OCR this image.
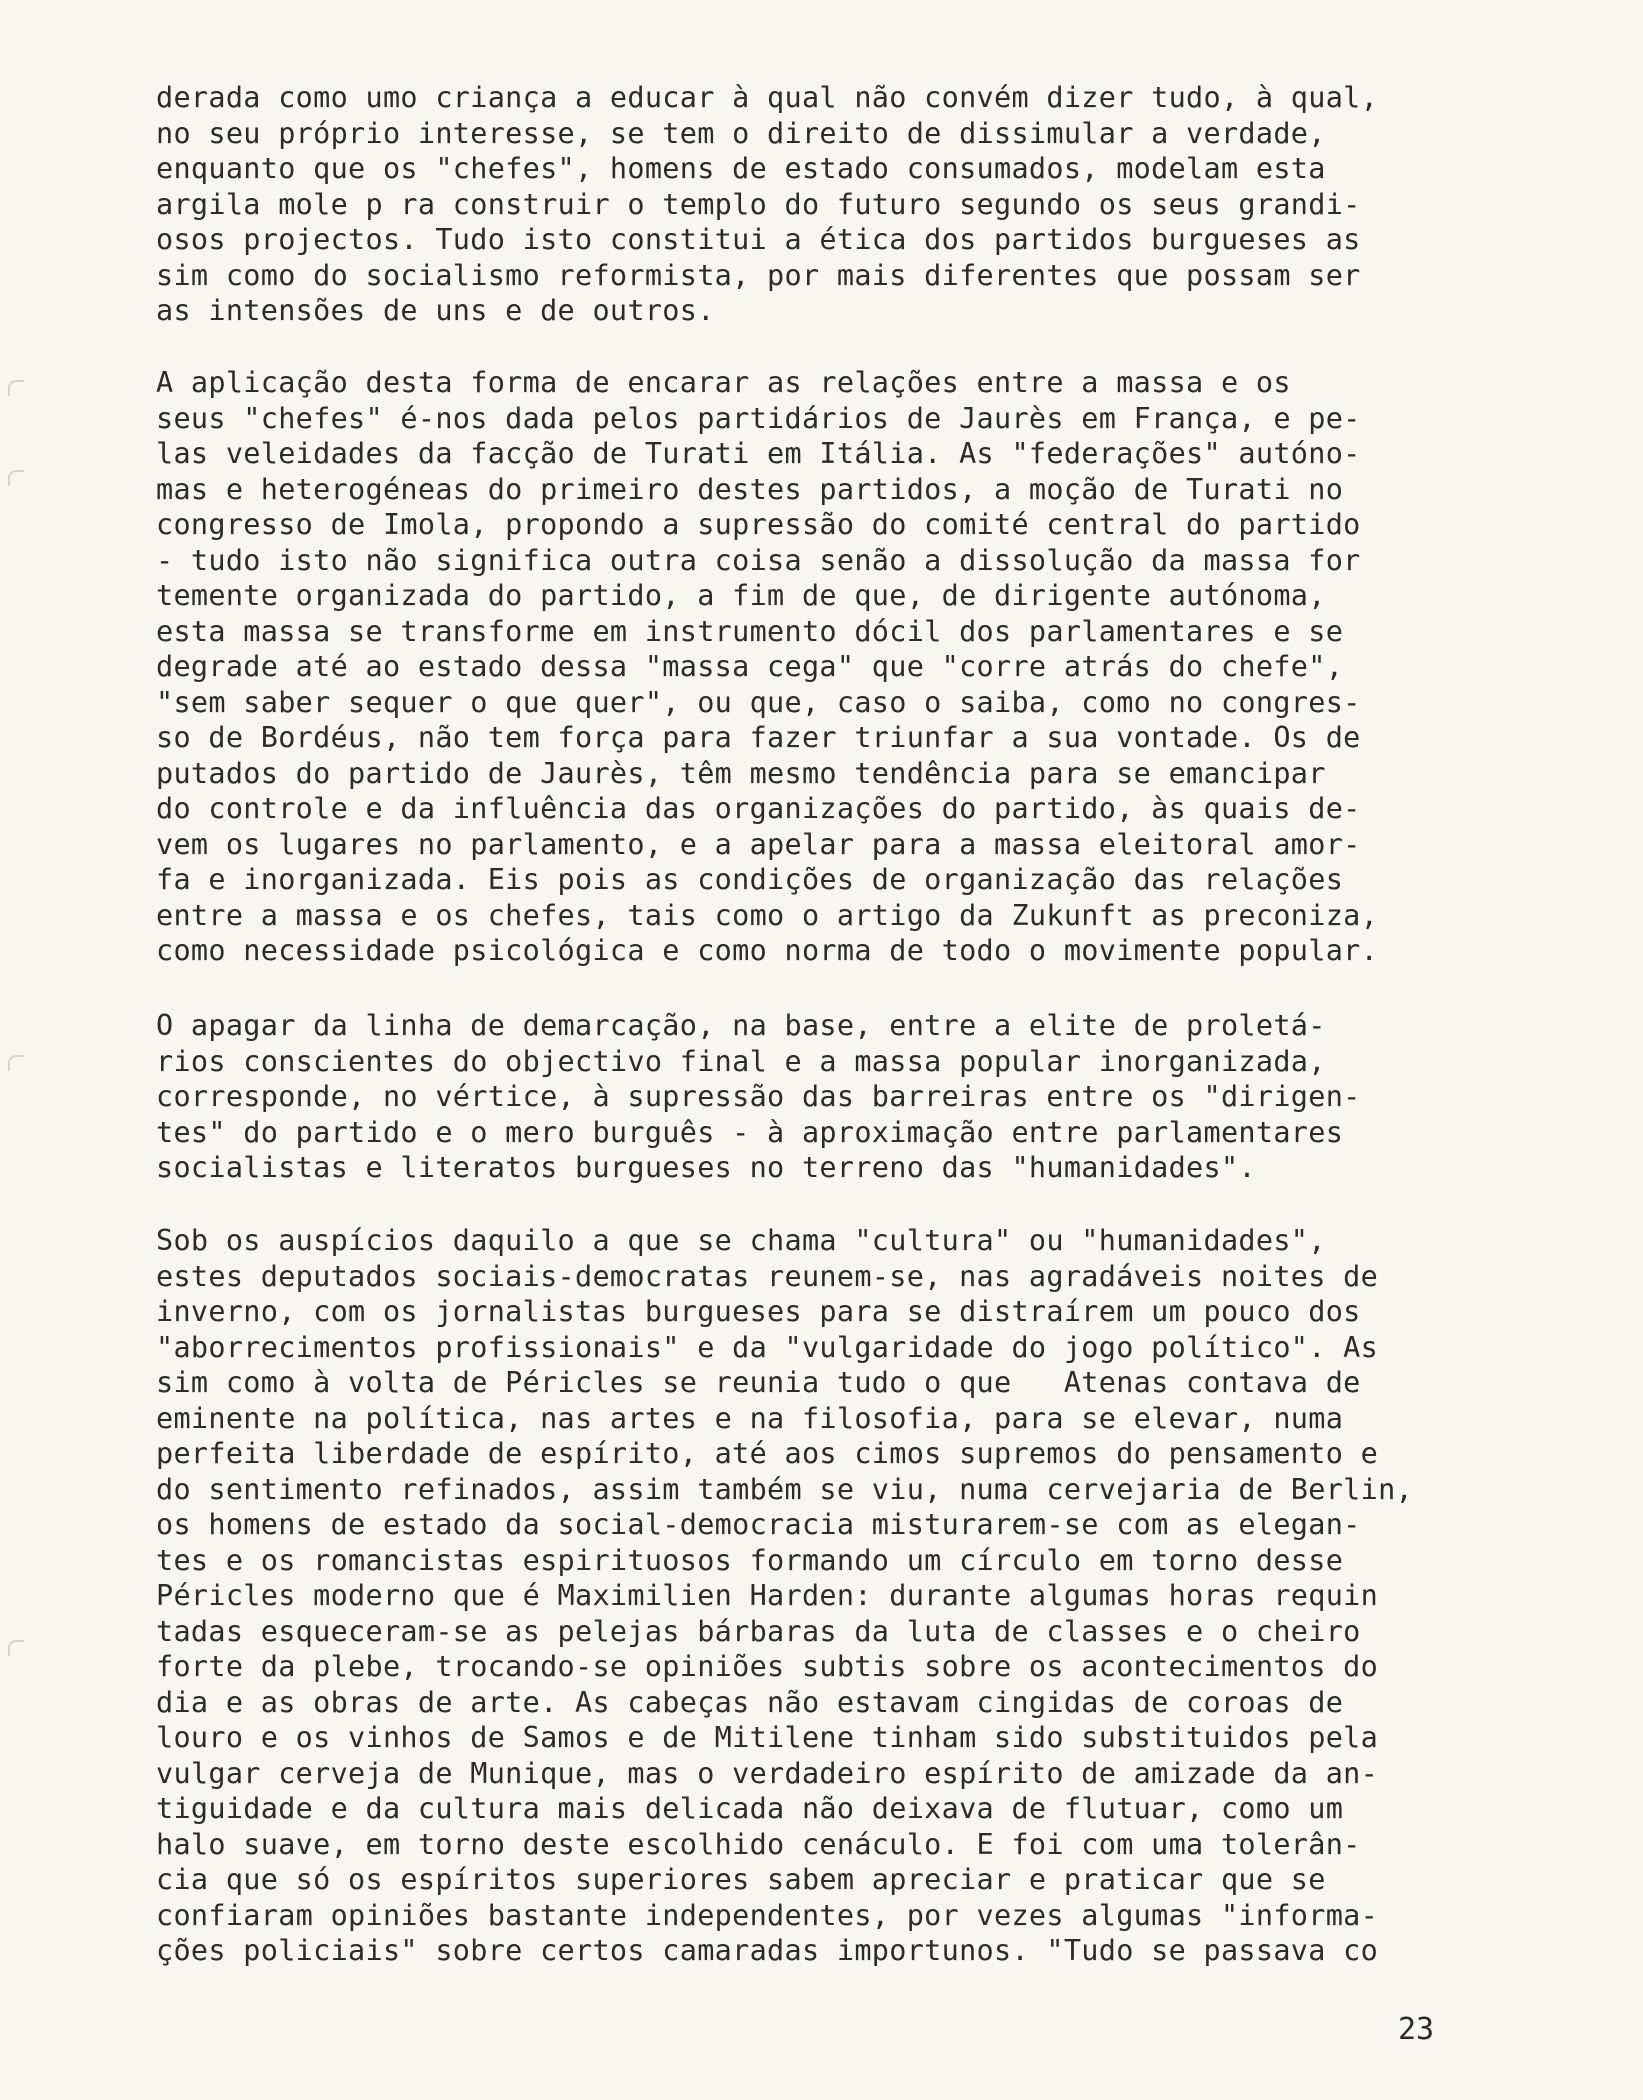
derada como umo criança a educar à qual não convém dizer tudo, à qual,
no seu próprio interesse, se tem o direito de dissimular a verdade,
enquanto que os "chefes", homens de estado consumados, modelam esta
argila mole p ra construir o templo do futuro segundo os seus grandi-
osos projectos. Tudo isto constitui a ética dos partidos burgueses as
sim como do socialismo reformista, por mais diferentes que possam ser
as intensões de uns e de outros.
A aplicação desta forma de encarar as relações entre a massa e os
seus "chefes" é-nos dada pelos partidários de Jaurès em França, e pe-
las veleidades da facção de Turati em Itália. As "federações" autóno-
mas e heterogéneas do primeiro destes partidos, a moção de Turati no
congresso de Imola, propondo a supressão do comité central do partido
- tudo isto não significa outra coisa senão a dissolução da massa for
temente organizada do partido, a fim de que, de dirigente autónoma,
esta massa se transforme em instrumento dócil dos parlamentares e se
degrade até ao estado dessa "massa cega" que "corre atrás do chefe",
"sem saber sequer o que quer", ou que, caso o saiba, como no congres-
so de Bordéus, não tem força para fazer triunfar a sua vontade. Os de
putados do partido de Jaurès, têm mesmo tendência para se emancipar
do controle e da influência das organizações do partido, às quais de-
vem os lugares no parlamento, e a apelar para a massa eleitoral amor-
fa e inorganizada. Eis pois as condições de organização das relações
entre a massa e os chefes, tais como o artigo da Zukunft as preconiza,
como necessidade psicológica e como norma de todo o movimente popular.
O apagar da linha de demarcação, na base, entre a elite de proletá-
rios conscientes do objectivo final e a massa popular inorganizada,
corresponde, no vértice, à supressão das barreiras entre os "dirigen-
tes" do partido e o mero burguês - à aproximação entre parlamentares
socialistas e literatos burgueses no terreno das "humanidades".
Sob os auspícios daquilo a que se chama "cultura" ou "humanidades",
estes deputados sociais-democratas reunem-se, nas agradáveis noites de
inverno, com os jornalistas burgueses para se distraírem um pouco dos
"aborrecimentos profissionais" e da "vulgaridade do jogo político". As
sim como à volta de Péricles se reunia tudo o que   Atenas contava de
eminente na política, nas artes e na filosofia, para se elevar, numa
perfeita liberdade de espírito, até aos cimos supremos do pensamento e
do sentimento refinados, assim também se viu, numa cervejaria de Berlin,
os homens de estado da social-democracia misturarem-se com as elegan-
tes e os romancistas espirituosos formando um círculo em torno desse
Péricles moderno que é Maximilien Harden: durante algumas horas requin
tadas esqueceram-se as pelejas bárbaras da luta de classes e o cheiro
forte da plebe, trocando-se opiniões subtis sobre os acontecimentos do
dia e as obras de arte. As cabeças não estavam cingidas de coroas de
louro e os vinhos de Samos e de Mitilene tinham sido substituidos pela
vulgar cerveja de Munique, mas o verdadeiro espírito de amizade da an-
tiguidade e da cultura mais delicada não deixava de flutuar, como um
halo suave, em torno deste escolhido cenáculo. E foi com uma tolerân-
cia que só os espíritos superiores sabem apreciar e praticar que se
confiaram opiniões bastante independentes, por vezes algumas "informa-
ções policiais" sobre certos camaradas importunos. "Tudo se passava co
23
